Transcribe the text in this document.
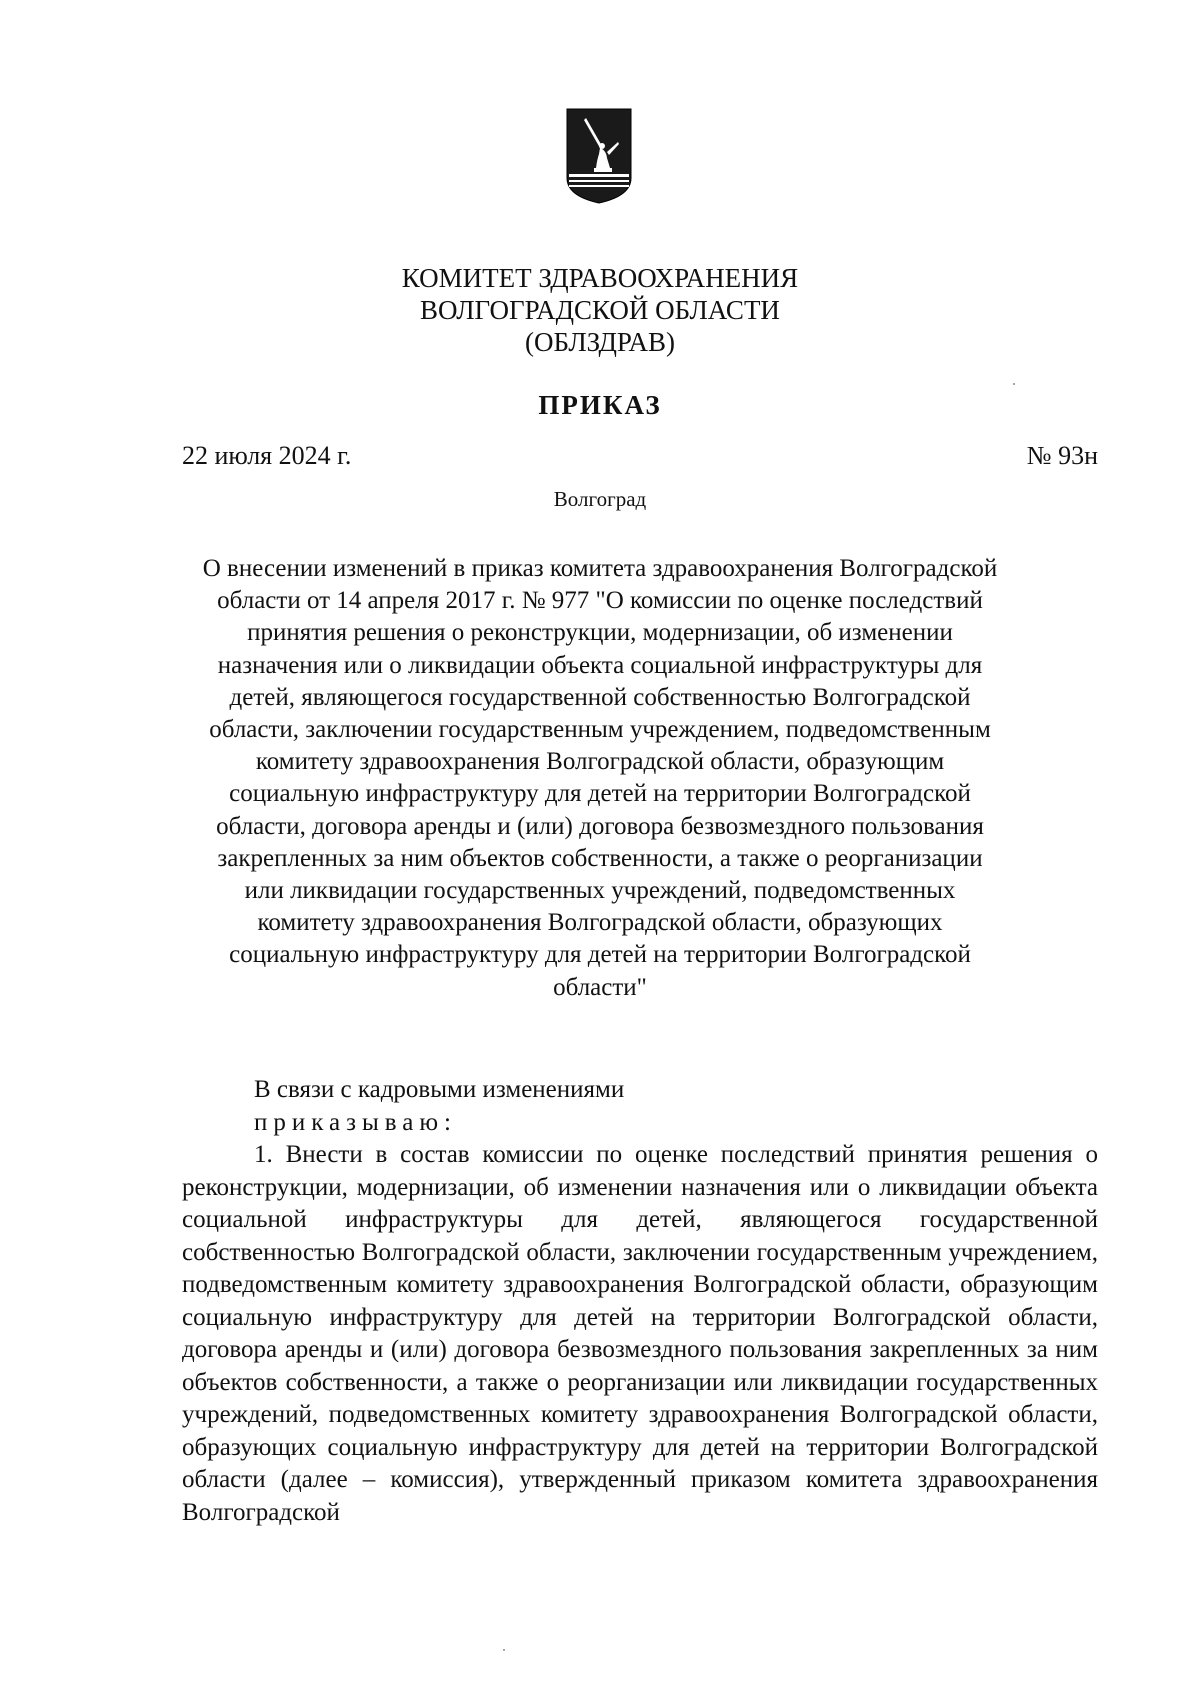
КОМИТЕТ ЗДРАВООХРАНЕНИЯ
ВОЛГОГРАДСКОЙ ОБЛАСТИ
(ОБЛЗДРАВ)
ПРИКАЗ
22 июля 2024 г.	№ 93н
Волгоград
О внесении изменений в приказ комитета здравоохранения Волгоградской
области от 14 апреля 2017 г. № 977 "О комиссии по оценке последствий
принятия решения о реконструкции, модернизации, об изменении
назначения или о ликвидации объекта социальной инфраструктуры для
детей, являющегося государственной собственностью Волгоградской
области, заключении государственным учреждением, подведомственным
комитету здравоохранения Волгоградской области, образующим
социальную инфраструктуру для детей на территории Волгоградской
области, договора аренды и (или) договора безвозмездного пользования
закрепленных за ним объектов собственности, а также о реорганизации
или ликвидации государственных учреждений, подведомственных
комитету здравоохранения Волгоградской области, образующих
социальную инфраструктуру для детей на территории Волгоградской
области"
В связи с кадровыми изменениями
приказываю:
1. Внести в состав комиссии по оценке последствий принятия решения о реконструкции, модернизации, об изменении назначения или о ликвидации объекта социальной инфраструктуры для детей, являющегося государственной собственностью Волгоградской области, заключении государственным учреждением, подведомственным комитету здравоохранения Волгоградской области, образующим социальную инфраструктуру для детей на территории Волгоградской области, договора аренды и (или) договора безвозмездного пользования закрепленных за ним объектов собственности, а также о реорганизации или ликвидации государственных учреждений, подведомственных комитету здравоохранения Волгоградской области, образующих социальную инфраструктуру для детей на территории Волгоградской области (далее – комиссия), утвержденный приказом комитета здравоохранения Волгоградской
